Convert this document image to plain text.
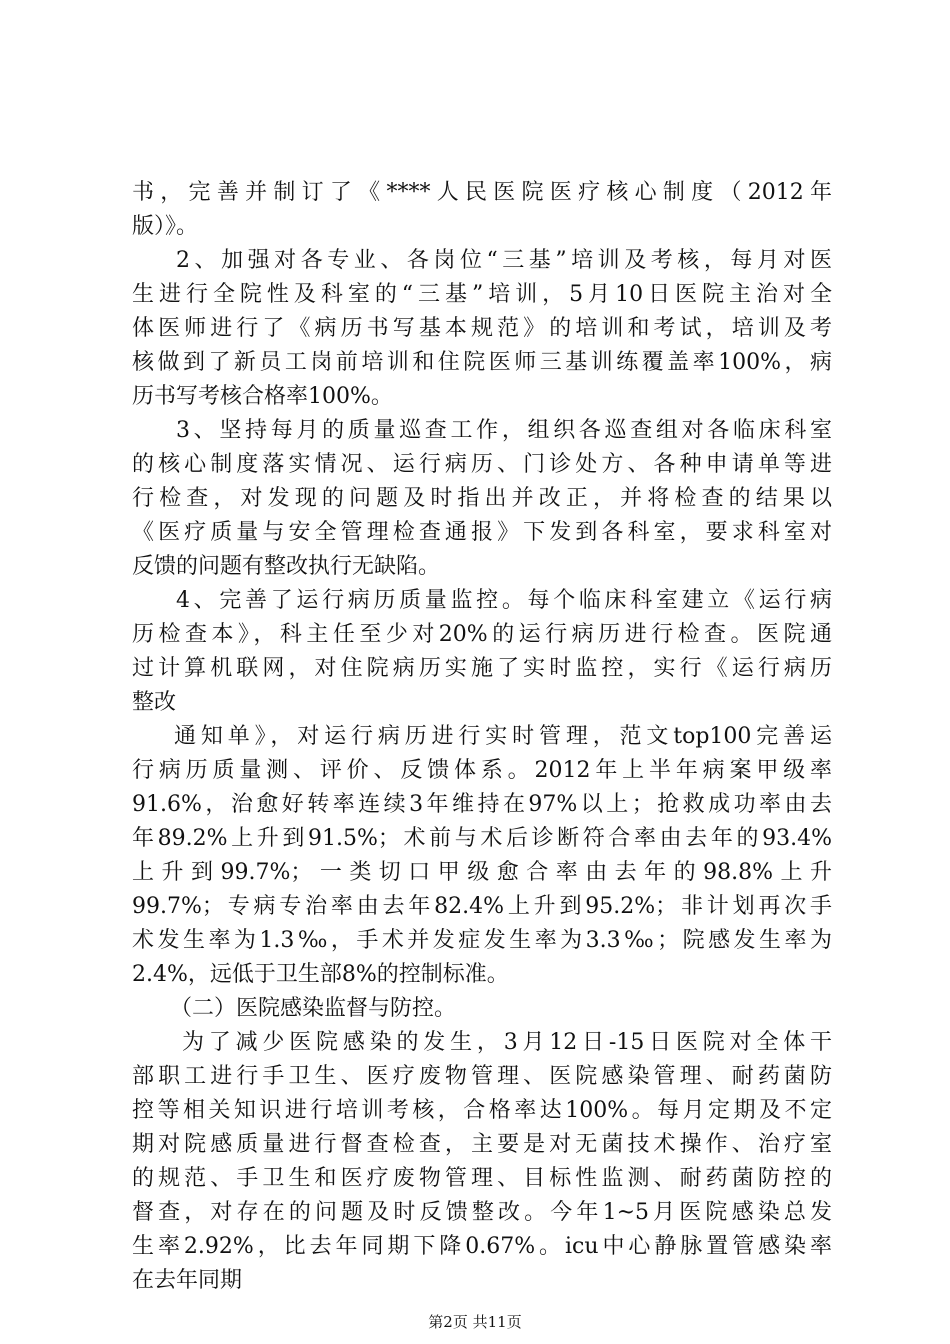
书，完善并制订了《****人民医院医疗核心制度（2012年
版）》。
2、加强对各专业、各岗位“三基”培训及考核，每月对医
生进行全院性及科室的“三基”培训，5月10日医院主治对全
体医师进行了《病历书写基本规范》的培训和考试，培训及考
核做到了新员工岗前培训和住院医师三基训练覆盖率100%，病
历书写考核合格率100%。
3、坚持每月的质量巡查工作，组织各巡查组对各临床科室
的核心制度落实情况、运行病历、门诊处方、各种申请单等进
行检查，对发现的问题及时指出并改正，并将检查的结果以
《医疗质量与安全管理检查通报》下发到各科室，要求科室对
反馈的问题有整改执行无缺陷。
4、完善了运行病历质量监控。每个临床科室建立《运行病
历检查本》，科主任至少对20%的运行病历进行检查。医院通
过计算机联网，对住院病历实施了实时监控，实行《运行病历
整改
通知单》，对运行病历进行实时管理，范文top100完善运
行病历质量测、评价、反馈体系。2012年上半年病案甲级率
91.6%，治愈好转率连续3年维持在97%以上；抢救成功率由去
年89.2%上升到91.5%；术前与术后诊断符合率由去年的93.4%
上升到99.7%；一类切口甲级愈合率由去年的98.8%上升
99.7%；专病专治率由去年82.4%上升到95.2%；非计划再次手
术发生率为1.3‰，手术并发症发生率为3.3‰；院感发生率为
2.4%，远低于卫生部8%的控制标准。
（二）医院感染监督与防控。
为了减少医院感染的发生，3月12日-15日医院对全体干
部职工进行手卫生、医疗废物管理、医院感染管理、耐药菌防
控等相关知识进行培训考核，合格率达100%。每月定期及不定
期对院感质量进行督查检查，主要是对无菌技术操作、治疗室
的规范、手卫生和医疗废物管理、目标性监测、耐药菌防控的
督查，对存在的问题及时反馈整改。今年1~5月医院感染总发
生率2.92%，比去年同期下降0.67%。icu中心静脉置管感染率
在去年同期
第2页 共11页
